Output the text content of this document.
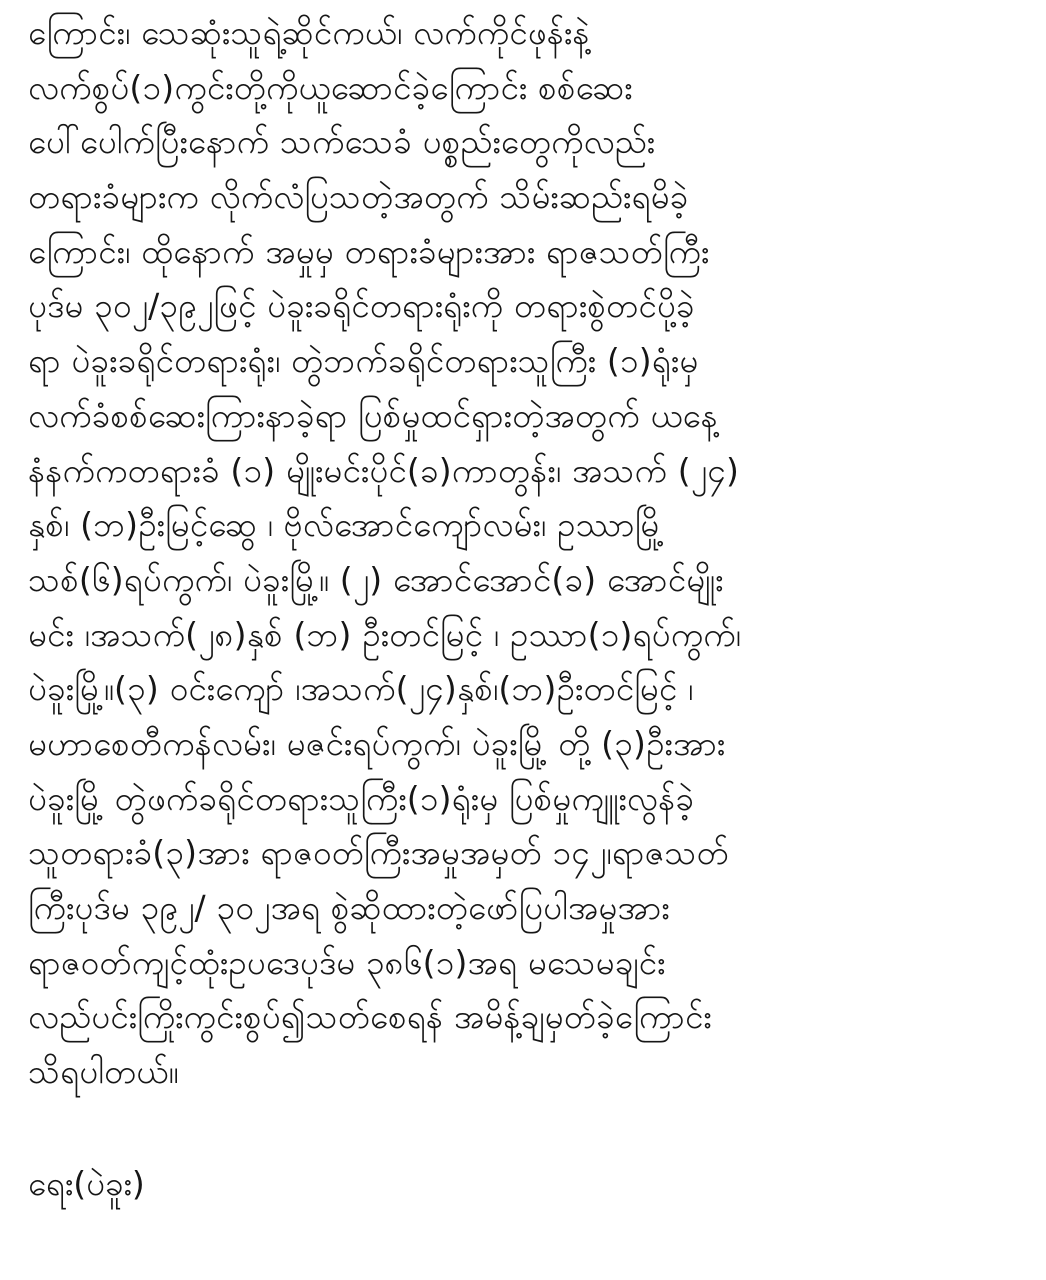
ကြောင်း၊ သေဆုံးသူရဲ့ဆိုင်ကယ်၊ လက်ကိုင်ဖုန်းနဲ့
လက်စွပ်(၁)ကွင်းတို့ကိုယူဆောင်ခဲ့ကြောင်း စစ်ဆေး
ပေါ်ပေါက်ပြီးနောက် သက်သေခံ ပစ္စည်းတွေကိုလည်း
တရားခံများက လိုက်လံပြသတဲ့အတွက် သိမ်းဆည်းရမိခဲ့
ကြောင်း၊ ထိုနောက် အမှုမှ တရားခံများအား ရာဇသတ်ကြီး
ပုဒ်မ ၃၀၂/၃၉၂ဖြင့် ပဲခူးခရိုင်တရားရုံးကို တရားစွဲတင်ပို့ခဲ့
ရာ ပဲခူးခရိုင်တရားရုံး၊ တွဲဘက်ခရိုင်တရားသူကြီး (၁)ရုံးမှ
လက်ခံစစ်ဆေးကြားနာခဲ့ရာ ပြစ်မှုထင်ရှားတဲ့အတွက် ယနေ့
နံနက်ကတရားခံ (၁) မျိုးမင်းပိုင်(ခ)ကာတွန်း၊ အသက် (၂၄)
နှစ်၊ (ဘ)ဦးမြင့်ဆွေ ၊ ဗိုလ်အောင်ကျော်လမ်း၊ ဥဿာမြို့
သစ်(၆)ရပ်ကွက်၊ ပဲခူးမြို့။ (၂) အောင်အောင်(ခ) အောင်မျိုး
မင်း ၊အသက်(၂၈)နှစ် (ဘ) ဦးတင်မြင့် ၊ ဥဿာ(၁)ရပ်ကွက်၊
ပဲခူးမြို့။(၃) ဝင်းကျော် ၊အသက်(၂၄)နှစ်၊(ဘ)ဦးတင်မြင့် ၊
မဟာစေတီကန်လမ်း၊ မဇင်းရပ်ကွက်၊ ပဲခူးမြို့ တို့ (၃)ဦးအား
ပဲခူးမြို့ တွဲဖက်ခရိုင်တရားသူကြီး(၁)ရုံးမှ ပြစ်မှုကျူးလွန်ခဲ့
သူတရားခံ(၃)အား ရာဇဝတ်ကြီးအမှုအမှတ် ၁၄၂၊ရာဇသတ်
ကြီးပုဒ်မ ၃၉၂/ ၃၀၂အရ စွဲဆိုထားတဲ့ဖော်ပြပါအမှုအား
ရာဇဝတ်ကျင့်ထုံးဥပဒေပုဒ်မ ၃၈၆(၁)အရ မသေမချင်း
လည်ပင်းကြိုးကွင်းစွပ်၍သတ်စေရန် အမိန့်ချမှတ်ခဲ့ကြောင်း
သိရပါတယ်။
ရေး(ပဲခူး)
